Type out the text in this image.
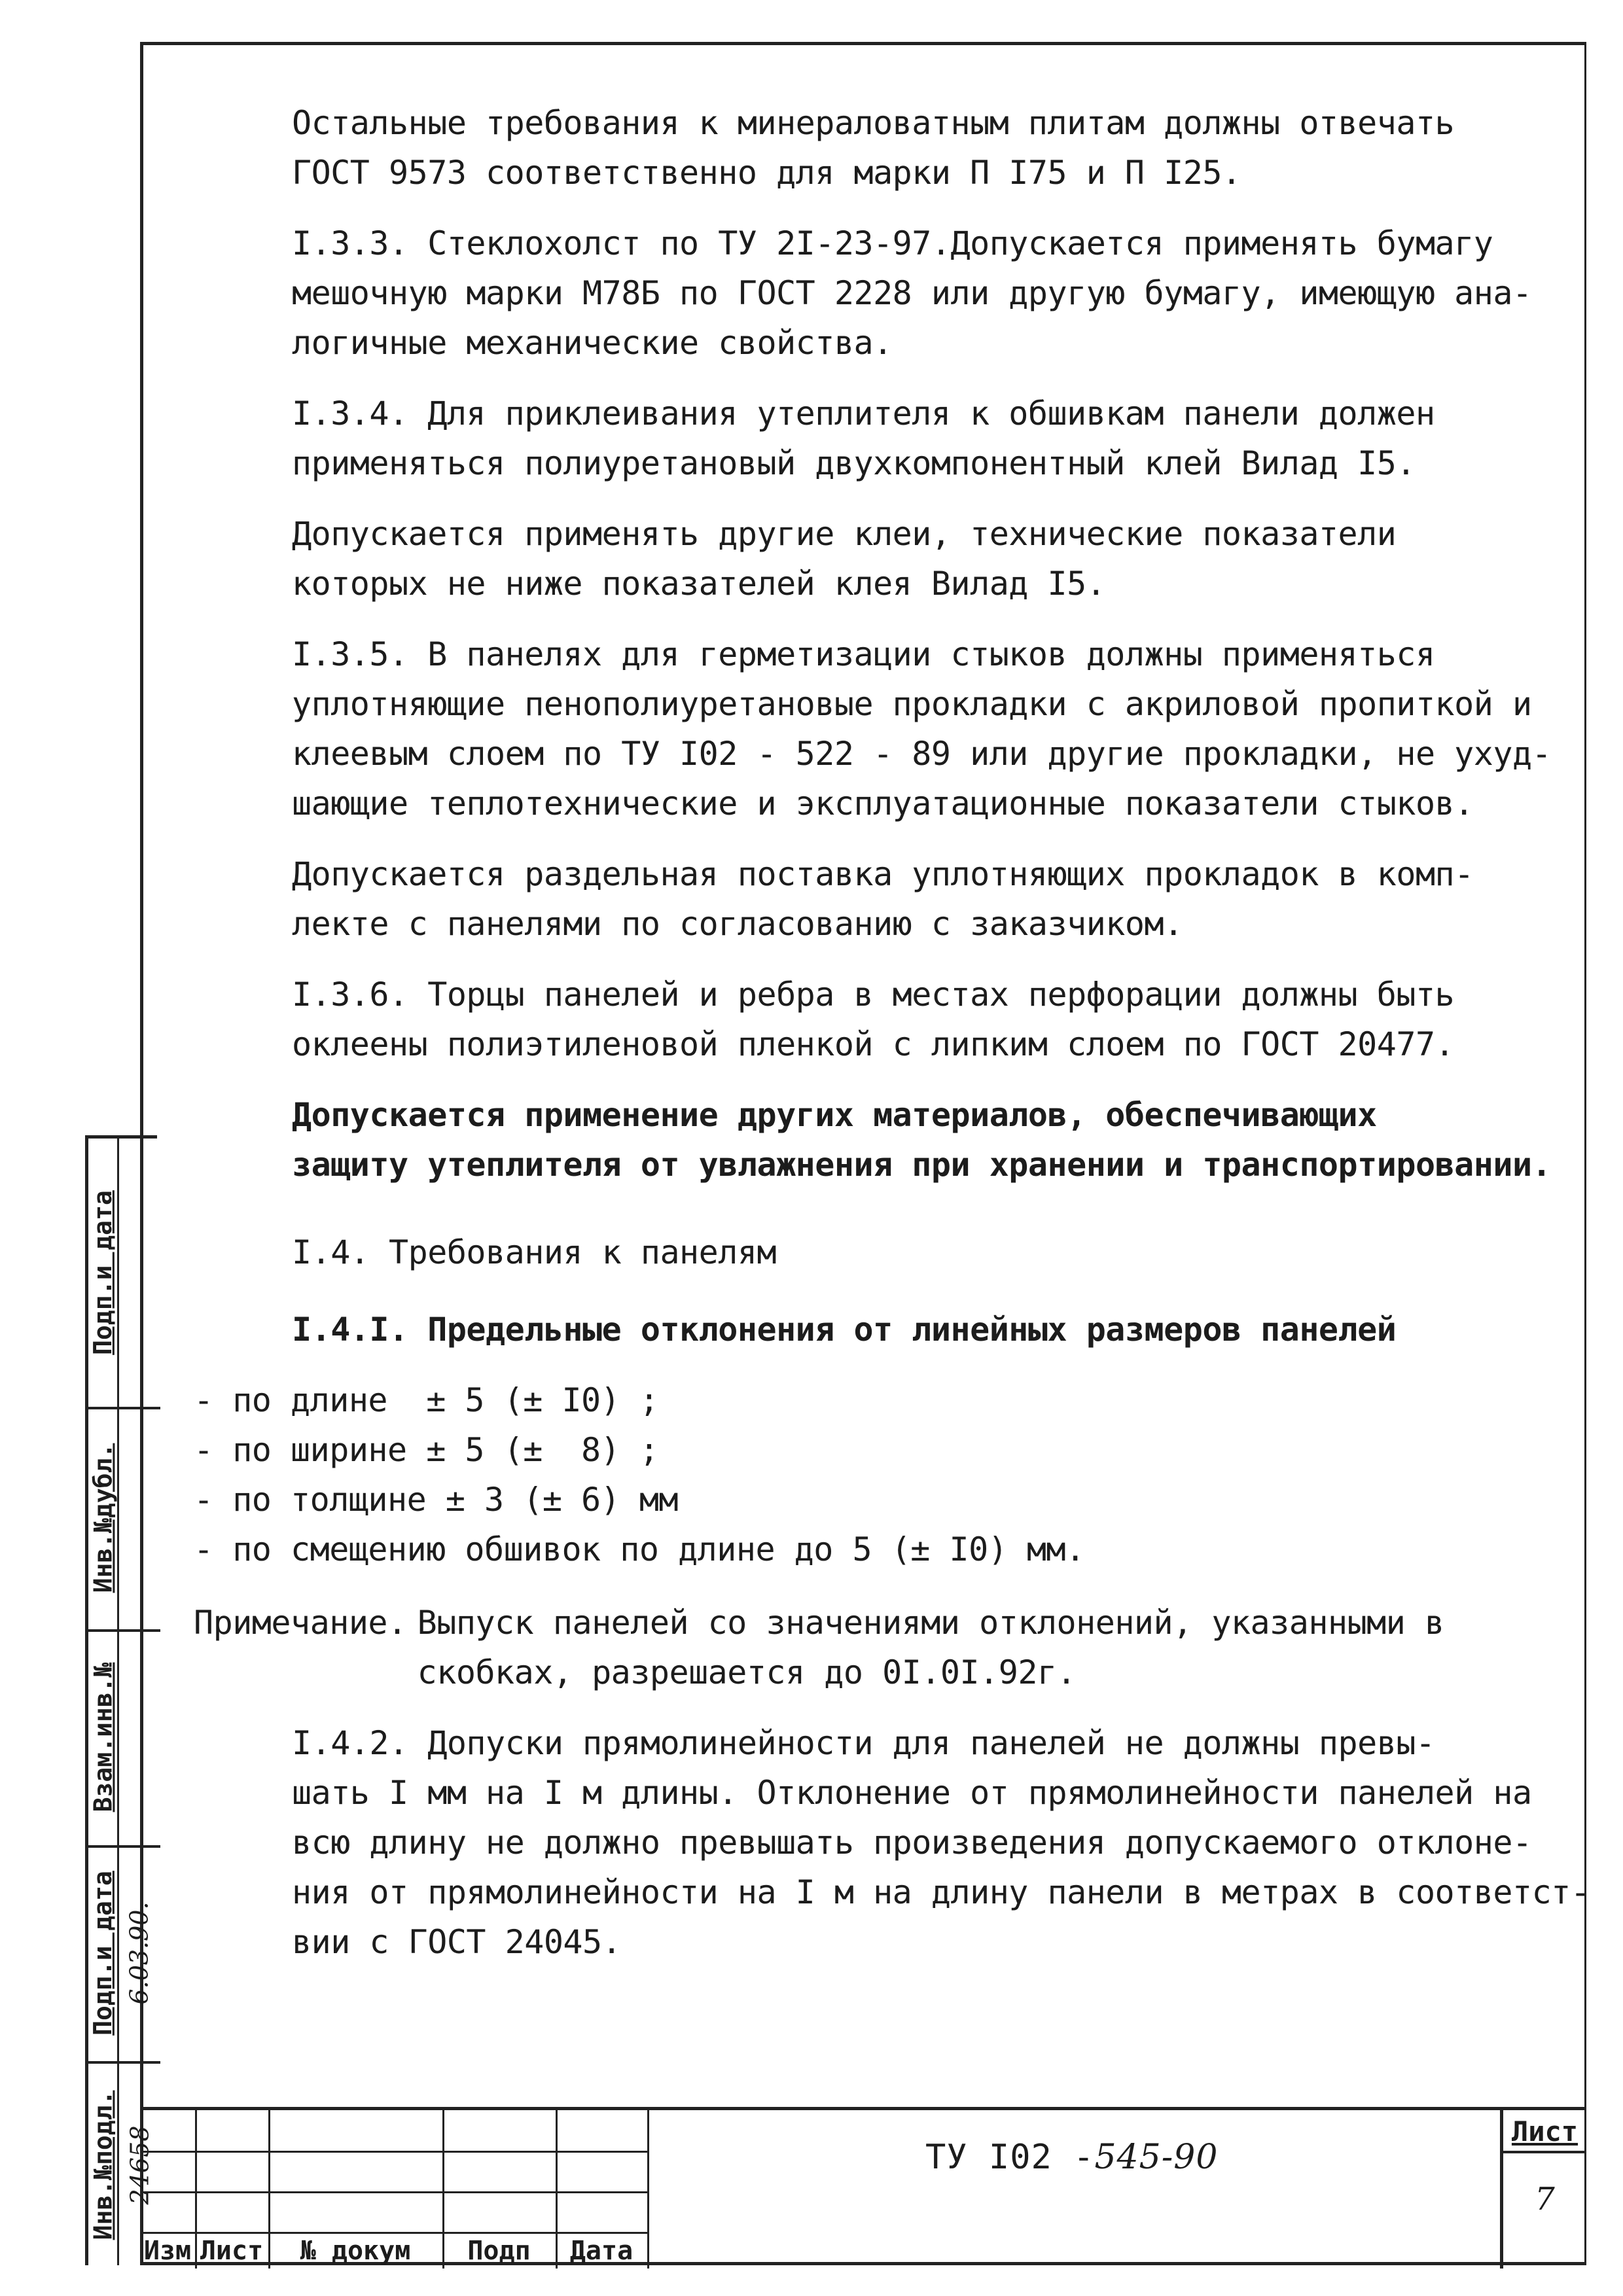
Остальные требования к минераловатным плитам должны отвечать
ГОСТ 9573 соответственно для марки П I75 и П I25.

I.3.3. Стеклохолст по ТУ 2I-23-97.Допускается применять бумагу
мешочную марки М78Б по ГОСТ 2228 или другую бумагу, имеющую ана-
логичные механические свойства.

I.3.4. Для приклеивания утеплителя к обшивкам панели должен
применяться полиуретановый двухкомпонентный клей Вилад I5.

Допускается применять другие клеи, технические показатели
которых не ниже показателей клея Вилад I5.

I.3.5. В панелях для герметизации стыков должны применяться
уплотняющие пенополиуретановые прокладки с акриловой пропиткой и
клеевым слоем по ТУ I02 - 522 - 89 или другие прокладки, не ухуд-
шающие теплотехнические и эксплуатационные показатели стыков.

Допускается раздельная поставка уплотняющих прокладок в комп-
лекте с панелями по согласованию с заказчиком.

I.3.6. Торцы панелей и ребра в местах перфорации должны быть
оклеены полиэтиленовой пленкой с липким слоем по ГОСТ 20477.

Допускается применение других материалов, обеспечивающих
защиту утеплителя от увлажнения при хранении и транспортировании.

I.4. Требования к панелям

I.4.I. Предельные отклонения от линейных размеров панелей

- по длине  ± 5 (± I0) ;

- по ширине ± 5 (±  8) ;

- по толщине ± 3 (± 6) мм

- по смещению обшивок по длине до 5 (± I0) мм.

Примечание. Выпуск панелей со значениями отклонений, указанными в
скобках, разрешается до 0I.0I.92г.

I.4.2. Допуски прямолинейности для панелей не должны превы-
шать I мм на I м длины. Отклонение от прямолинейности панелей на
всю длину не должно превышать произведения допускаемого отклоне-
ния от прямолинейности на I м на длину панели в метрах в соответст-
вии с ГОСТ 24045.

Подп.и дата
Инв.№дубл.
Взам.инв.№
Подп.и дата 6.03.90.
Инв.№подл. 24658
Изм Лист	№ докум	Подп	Дата
ТУ I02 -545-90
Лист
7
